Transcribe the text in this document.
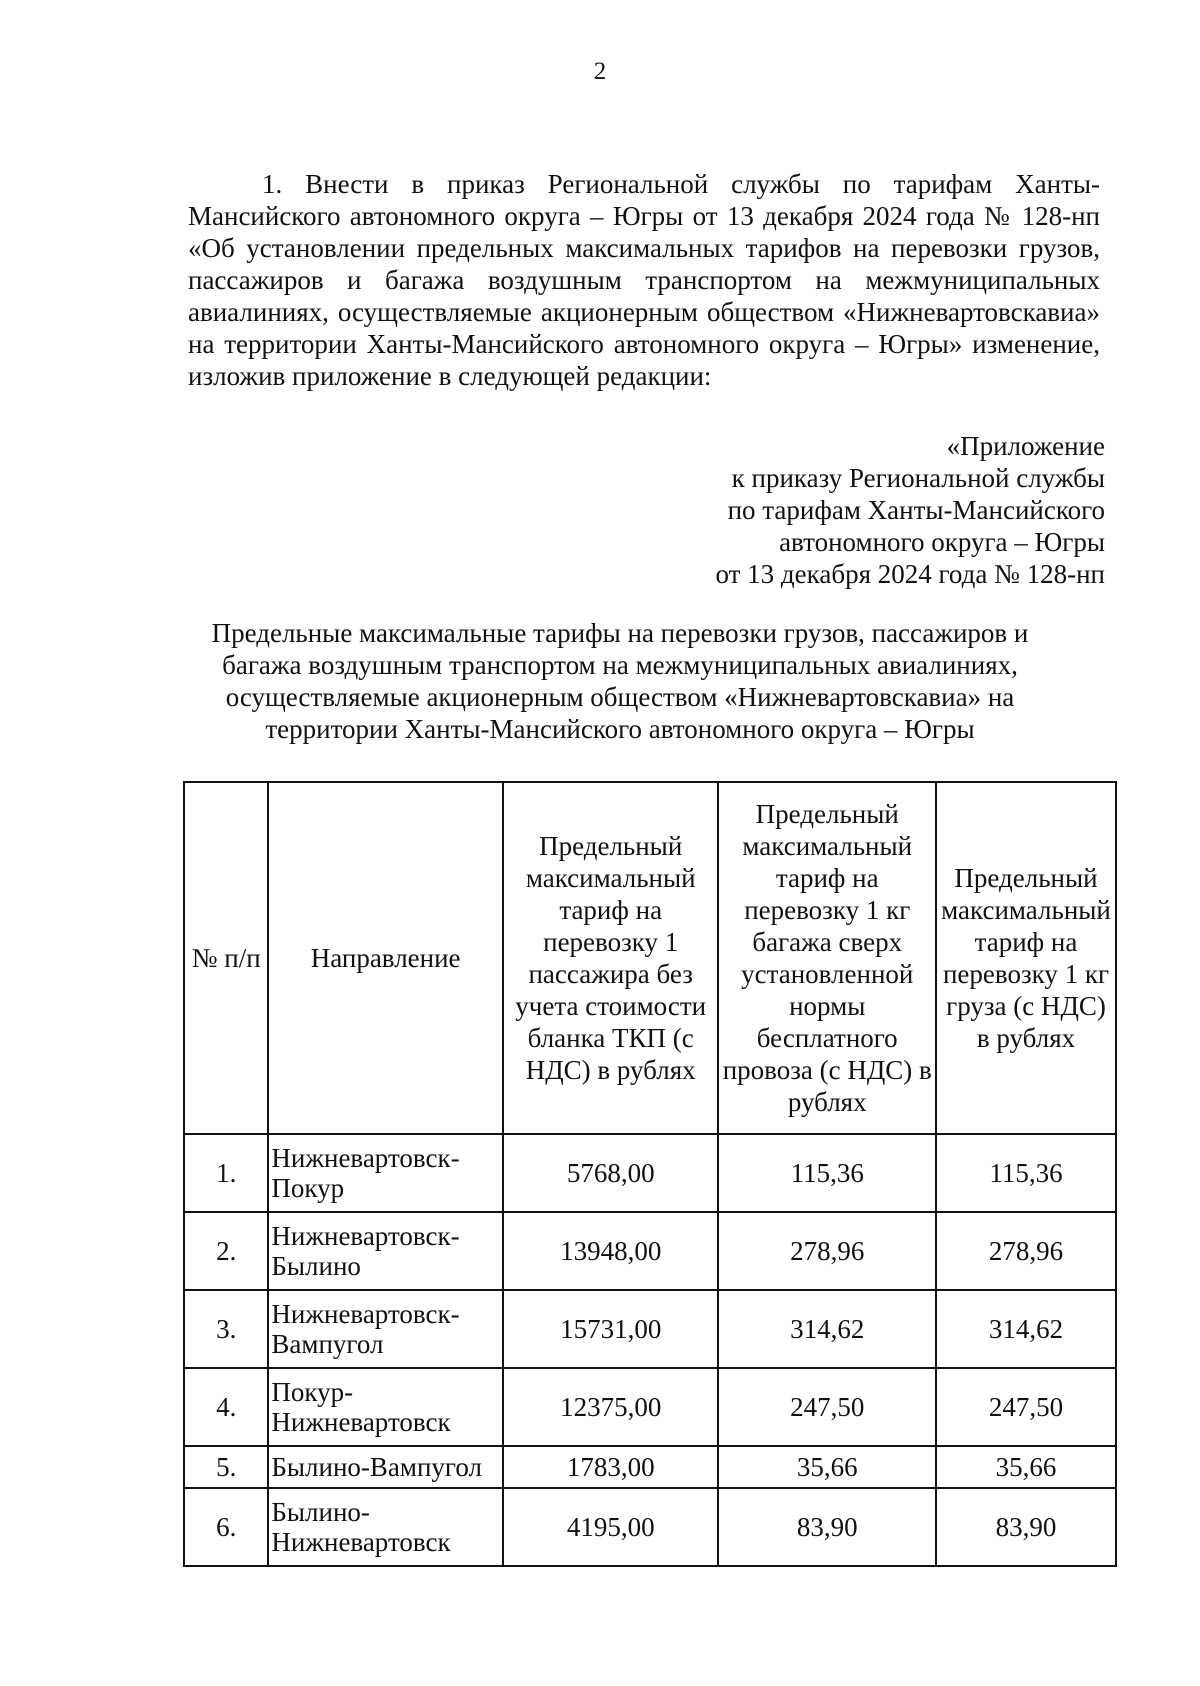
2

1. Внести в приказ Региональной службы по тарифам Ханты-Мансийского автономного округа – Югры от 13 декабря 2024 года № 128-нп «Об установлении предельных максимальных тарифов на перевозки грузов, пассажиров и багажа воздушным транспортом на межмуниципальных авиалиниях, осуществляемые акционерным обществом «Нижневартовскавиа» на территории Ханты-Мансийского автономного округа – Югры» изменение, изложив приложение в следующей редакции:

«Приложение
к приказу Региональной службы
по тарифам Ханты-Мансийского
автономного округа – Югры
от 13 декабря 2024 года № 128-нп
Предельные максимальные тарифы на перевозки грузов, пассажиров и
багажа воздушным транспортом на межмуниципальных авиалиниях,
осуществляемые акционерным обществом «Нижневартовскавиа» на
территории Ханты-Мансийского автономного округа – Югры
№ п/п	Направление	Предельный максимальный тариф на перевозку 1 пассажира без учета стоимости бланка ТКП (с НДС) в рублях	Предельный максимальный тариф на перевозку 1 кг багажа сверх установленной нормы бесплатного провоза (с НДС) в рублях	Предельный максимальный тариф на перевозку 1 кг груза (с НДС) в рублях
1.	Нижневартовск-Покур	5768,00	115,36	115,36
2.	Нижневартовск-Былино	13948,00	278,96	278,96
3.	Нижневартовск-Вампугол	15731,00	314,62	314,62
4.	Покур-Нижневартовск	12375,00	247,50	247,50
5.	Былино-Вампугол	1783,00	35,66	35,66
6.	Былино-Нижневартовск	4195,00	83,90	83,90
